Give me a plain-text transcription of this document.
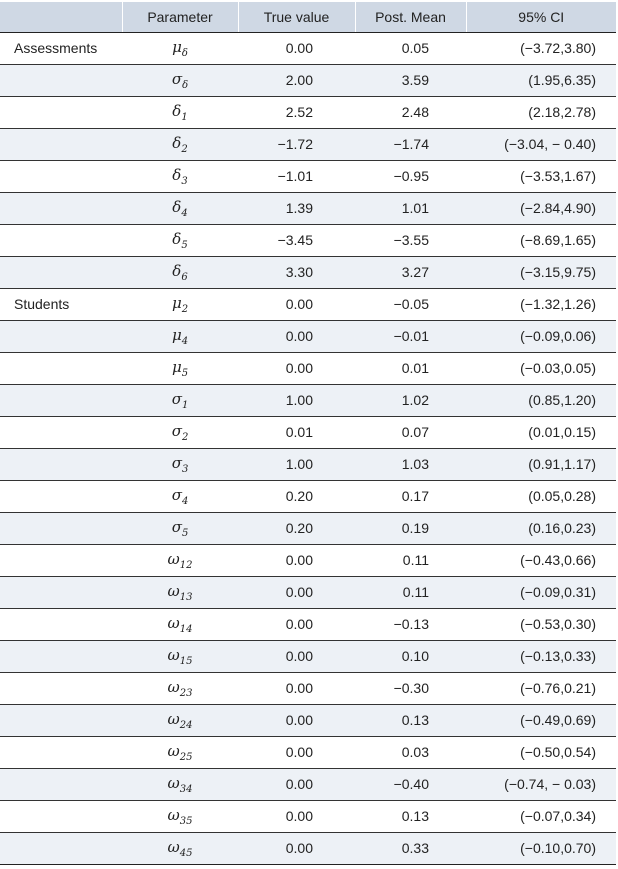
	Parameter	True value	Post. Mean	95% CI
Assessments	$\mu_\delta$	0.00	0.05	(−3.72,3.80)
	$\sigma_\delta$	2.00	3.59	(1.95,6.35)
	$\delta_1$	2.52	2.48	(2.18,2.78)
	$\delta_2$	−1.72	−1.74	(−3.04, − 0.40)
	$\delta_3$	−1.01	−0.95	(−3.53,1.67)
	$\delta_4$	1.39	1.01	(−2.84,4.90)
	$\delta_5$	−3.45	−3.55	(−8.69,1.65)
	$\delta_6$	3.30	3.27	(−3.15,9.75)
Students	$\mu_2$	0.00	−0.05	(−1.32,1.26)
	$\mu_4$	0.00	−0.01	(−0.09,0.06)
	$\mu_5$	0.00	0.01	(−0.03,0.05)
	$\sigma_1$	1.00	1.02	(0.85,1.20)
	$\sigma_2$	0.01	0.07	(0.01,0.15)
	$\sigma_3$	1.00	1.03	(0.91,1.17)
	$\sigma_4$	0.20	0.17	(0.05,0.28)
	$\sigma_5$	0.20	0.19	(0.16,0.23)
	$\omega_{12}$	0.00	0.11	(−0.43,0.66)
	$\omega_{13}$	0.00	0.11	(−0.09,0.31)
	$\omega_{14}$	0.00	−0.13	(−0.53,0.30)
	$\omega_{15}$	0.00	0.10	(−0.13,0.33)
	$\omega_{23}$	0.00	−0.30	(−0.76,0.21)
	$\omega_{24}$	0.00	0.13	(−0.49,0.69)
	$\omega_{25}$	0.00	0.03	(−0.50,0.54)
	$\omega_{34}$	0.00	−0.40	(−0.74, − 0.03)
	$\omega_{35}$	0.00	0.13	(−0.07,0.34)
	$\omega_{45}$	0.00	0.33	(−0.10,0.70)
